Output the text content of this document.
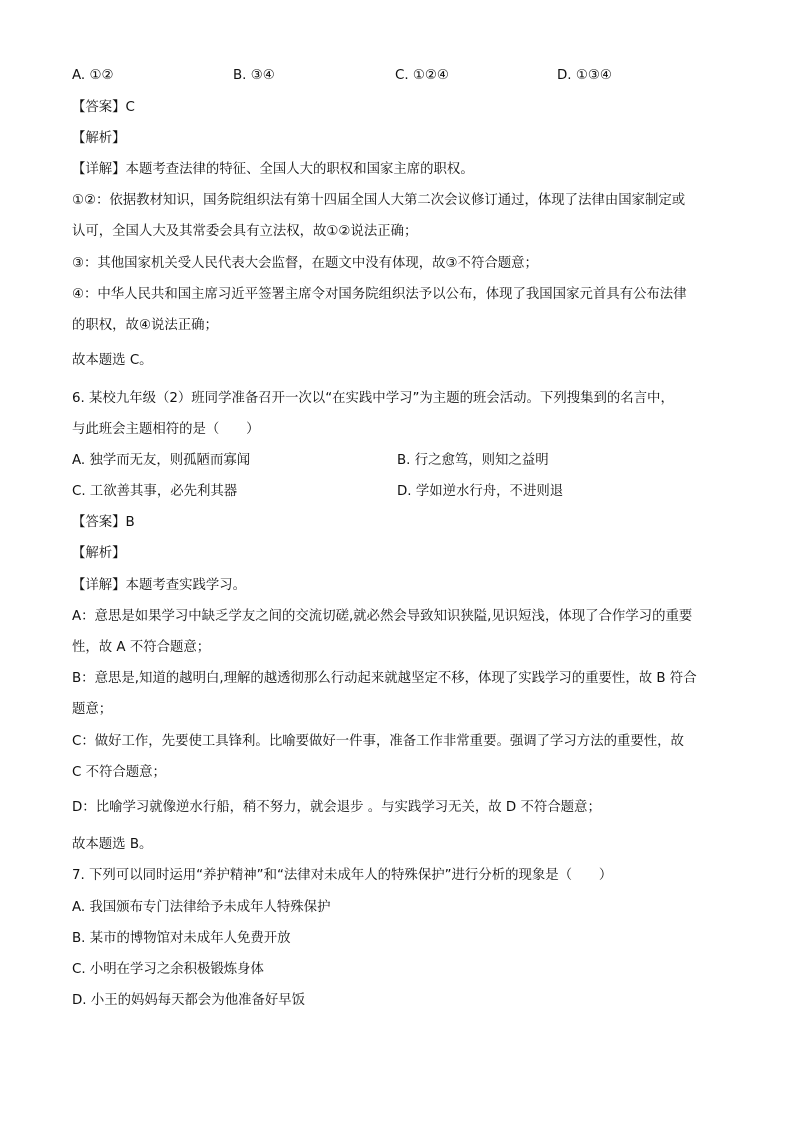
A. ①②	B. ③④	C. ①②④	D. ①③④
【答案】C
【解析】
【详解】本题考查法律的特征、全国人大的职权和国家主席的职权。
①②：依据教材知识，国务院组织法有第十四届全国人大第二次会议修订通过，体现了法律由国家制定或
认可，全国人大及其常委会具有立法权，故①②说法正确；
③：其他国家机关受人民代表大会监督，在题文中没有体现，故③不符合题意；
④：中华人民共和国主席习近平签署主席令对国务院组织法予以公布，体现了我国国家元首具有公布法律
的职权，故④说法正确；
故本题选 C。
6. 某校九年级（2）班同学准备召开一次以“在实践中学习”为主题的班会活动。下列搜集到的名言中，
与此班会主题相符的是（　　）
A. 独学而无友，则孤陋而寡闻	B. 行之愈笃，则知之益明
C. 工欲善其事，必先利其器	D. 学如逆水行舟，不进则退
【答案】B
【解析】
【详解】本题考查实践学习。
A：意思是如果学习中缺乏学友之间的交流切磋,就必然会导致知识狭隘,见识短浅，体现了合作学习的重要
性，故 A 不符合题意；
B：意思是,知道的越明白,理解的越透彻那么行动起来就越坚定不移，体现了实践学习的重要性，故 B 符合
题意；
C：做好工作，先要使工具锋利。比喻要做好一件事，准备工作非常重要。强调了学习方法的重要性，故
C 不符合题意；
D：比喻学习就像逆水行船，稍不努力，就会退步 。与实践学习无关，故 D 不符合题意；
故本题选 B。
7. 下列可以同时运用“养护精神”和“法律对未成年人的特殊保护”进行分析的现象是（　　）
A. 我国颁布专门法律给予未成年人特殊保护
B. 某市的博物馆对未成年人免费开放
C. 小明在学习之余积极锻炼身体
D. 小王的妈妈每天都会为他准备好早饭
